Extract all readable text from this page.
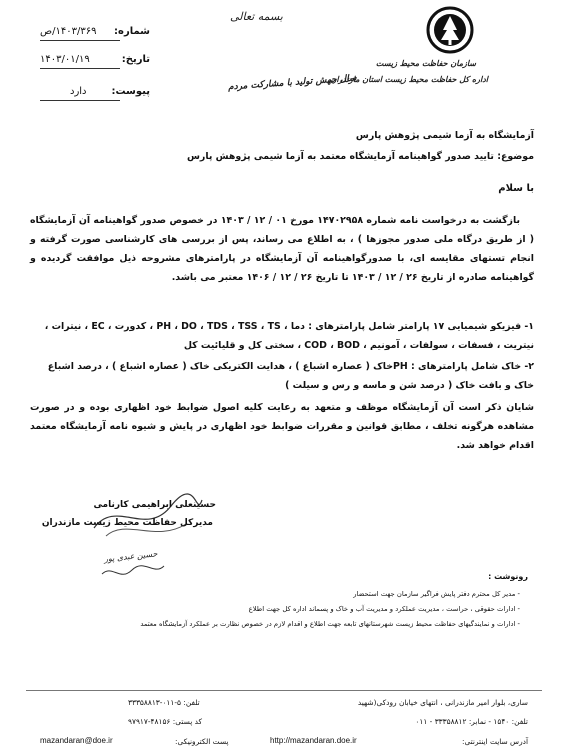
بسمه تعالی
سازمان حفاظت محیط زیست
اداره کل حفاظت محیط زیست استان مازندران
سال جهش تولید با مشارکت مردم
شماره:
۱۴۰۳/۳۶۹/ص
تاریخ:
۱۴۰۳/۰۱/۱۹
پیوست:
دارد
آزمایشگاه به آزما شیمی پژوهش پارس
موضوع: تایید صدور گواهینامه آزمایشگاه معتمد به آزما شیمی پژوهش پارس
با سلام
بازگشت به درخواست نامه شماره ۱۴۷۰۲۹۵۸ مورخ ۰۱ / ۱۲ / ۱۴۰۳ در خصوص صدور گواهینامه آن آزمایشگاه ( از طریق درگاه ملی صدور مجوزها ) ، به اطلاع می رساند، پس از بررسی های کارشناسی صورت گرفته و انجام تستهای مقایسه ای، با صدورگواهینامه آن آزمایشگاه در پارامترهای مشروحه ذیل موافقت گردیده و گواهینامه صادره از تاریخ ۲۶ / ۱۲ / ۱۴۰۳ تا تاریخ ۲۶ / ۱۲ / ۱۴۰۶ معتبر می باشد.
۱- فیزیکو شیمیایی ۱۷ پارامتر شامل پارامترهای : دما ، PH ، DO ، TDS ، TSS ، TS ، کدورت ، EC ، نیترات ، نیتریت ، فسفات ، سولفات ، آمونیم ، COD ، BOD ، سختی کل و قلیائیت کل
۲- خاک شامل پارامترهای : PHخاک ( عصاره اشباع ) ، هدایت الکتریکی خاک ( عصاره اشباع ) ، درصد اشباع خاک و بافت خاک ( درصد شن و ماسه و رس و سیلت )
شایان ذکر است آن آزمایشگاه موظف و متعهد به رعایت کلیه اصول ضوابط خود اظهاری بوده و در صورت مشاهده هرگونه تخلف ، مطابق قوانین و مقررات ضوابط خود اظهاری در پایش و شیوه نامه آزمایشگاه معتمد اقدام خواهد شد.
حسینعلی ابراهیمی کارنامی
مدیرکل حفاظت محیط زیست مازندران
حسین عبدی پور
رونوشت :
- مدیر کل محترم دفتر پایش فراگیر سازمان جهت استحضار
- ادارات حقوقی ، حراست ، مدیریت عملکرد و مدیریت آب و خاک و پسماند اداره کل جهت اطلاع
- ادارات و نمایندگیهای حفاظت محیط زیست شهرستانهای تابعه جهت اطلاع و اقدام لازم در خصوص نظارت بر عملکرد آزمایشگاه معتمد
ساری، بلوار امیر مازندرانی ، انتهای خیابان رودکی(شهید
تلفن: ۵-۰۱۱-۳۳۳۵۸۸۱۳
تلفن: ۱۵۴۰ - نمابر: ۳۳۳۵۸۸۱۲ - ۰۱۱
کد پستی: ۴۸۱۵۶-۹۷۹۱۷
آدرس سایت اینترنتی:
http://mazandaran.doe.ir
پست الکترونیکی:
mazandaran@doe.ir
